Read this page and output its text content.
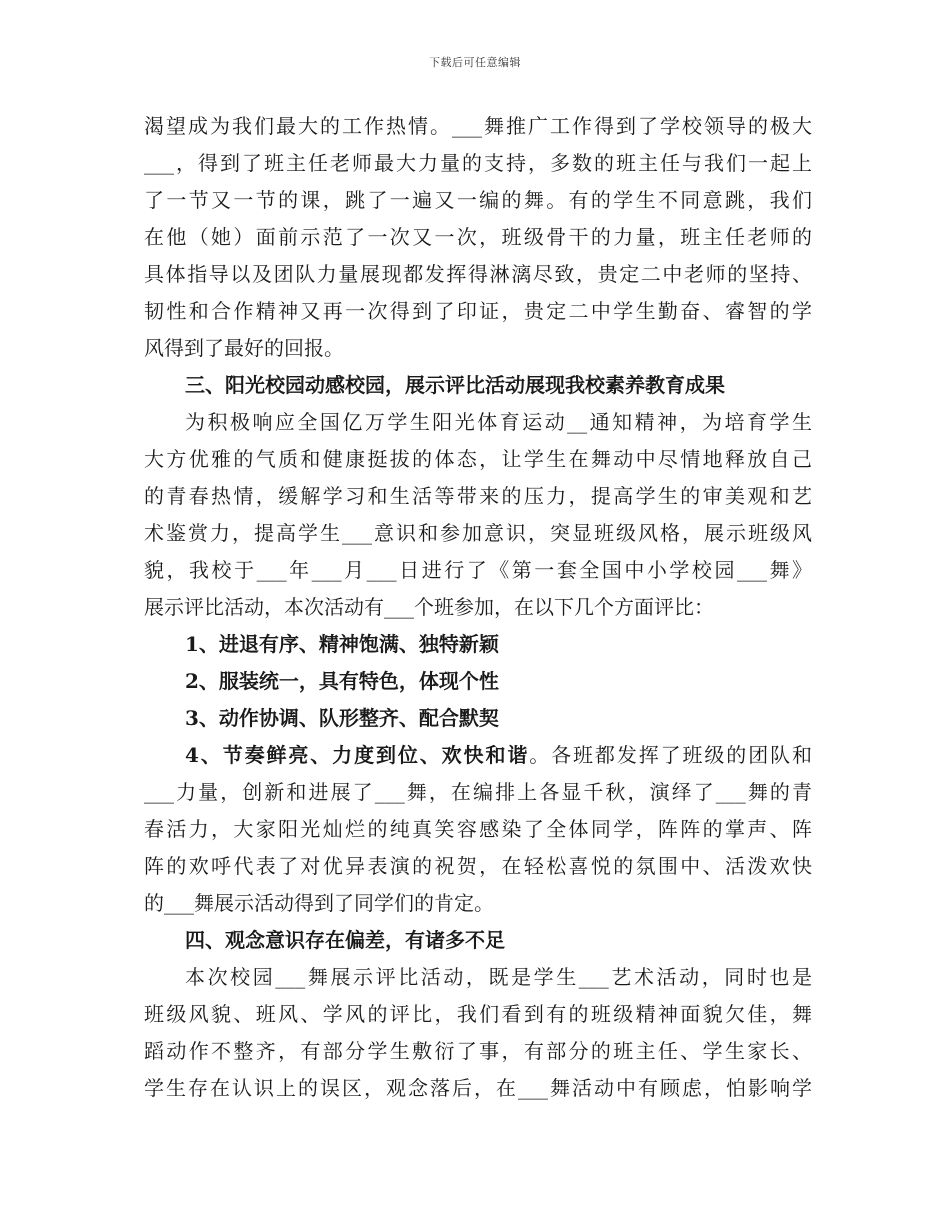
下载后可任意编辑
渴望成为我们最大的工作热情。___舞推广工作得到了学校领导的极大
___，得到了班主任老师最大力量的支持，多数的班主任与我们一起上
了一节又一节的课，跳了一遍又一编的舞。有的学生不同意跳，我们
在他（她）面前示范了一次又一次，班级骨干的力量，班主任老师的
具体指导以及团队力量展现都发挥得淋漓尽致，贵定二中老师的坚持、
韧性和合作精神又再一次得到了印证，贵定二中学生勤奋、睿智的学
风得到了最好的回报。
三、阳光校园动感校园，展示评比活动展现我校素养教育成果
为积极响应全国亿万学生阳光体育运动__通知精神，为培育学生
大方优雅的气质和健康挺拔的体态，让学生在舞动中尽情地释放自己
的青春热情，缓解学习和生活等带来的压力，提高学生的审美观和艺
术鉴赏力，提高学生___意识和参加意识，突显班级风格，展示班级风
貌，我校于___年___月___日进行了《第一套全国中小学校园___舞》
展示评比活动，本次活动有___个班参加，在以下几个方面评比：
1、进退有序、精神饱满、独特新颖
2、服装统一，具有特色，体现个性
3、动作协调、队形整齐、配合默契
4、节奏鲜亮、力度到位、欢快和谐。各班都发挥了班级的团队和
___力量，创新和进展了___舞，在编排上各显千秋，演绎了___舞的青
春活力，大家阳光灿烂的纯真笑容感染了全体同学，阵阵的掌声、阵
阵的欢呼代表了对优异表演的祝贺，在轻松喜悦的氛围中、活泼欢快
的___舞展示活动得到了同学们的肯定。
四、观念意识存在偏差，有诸多不足
本次校园___舞展示评比活动，既是学生___艺术活动，同时也是
班级风貌、班风、学风的评比，我们看到有的班级精神面貌欠佳，舞
蹈动作不整齐，有部分学生敷衍了事，有部分的班主任、学生家长、
学生存在认识上的误区，观念落后，在___舞活动中有顾虑，怕影响学
